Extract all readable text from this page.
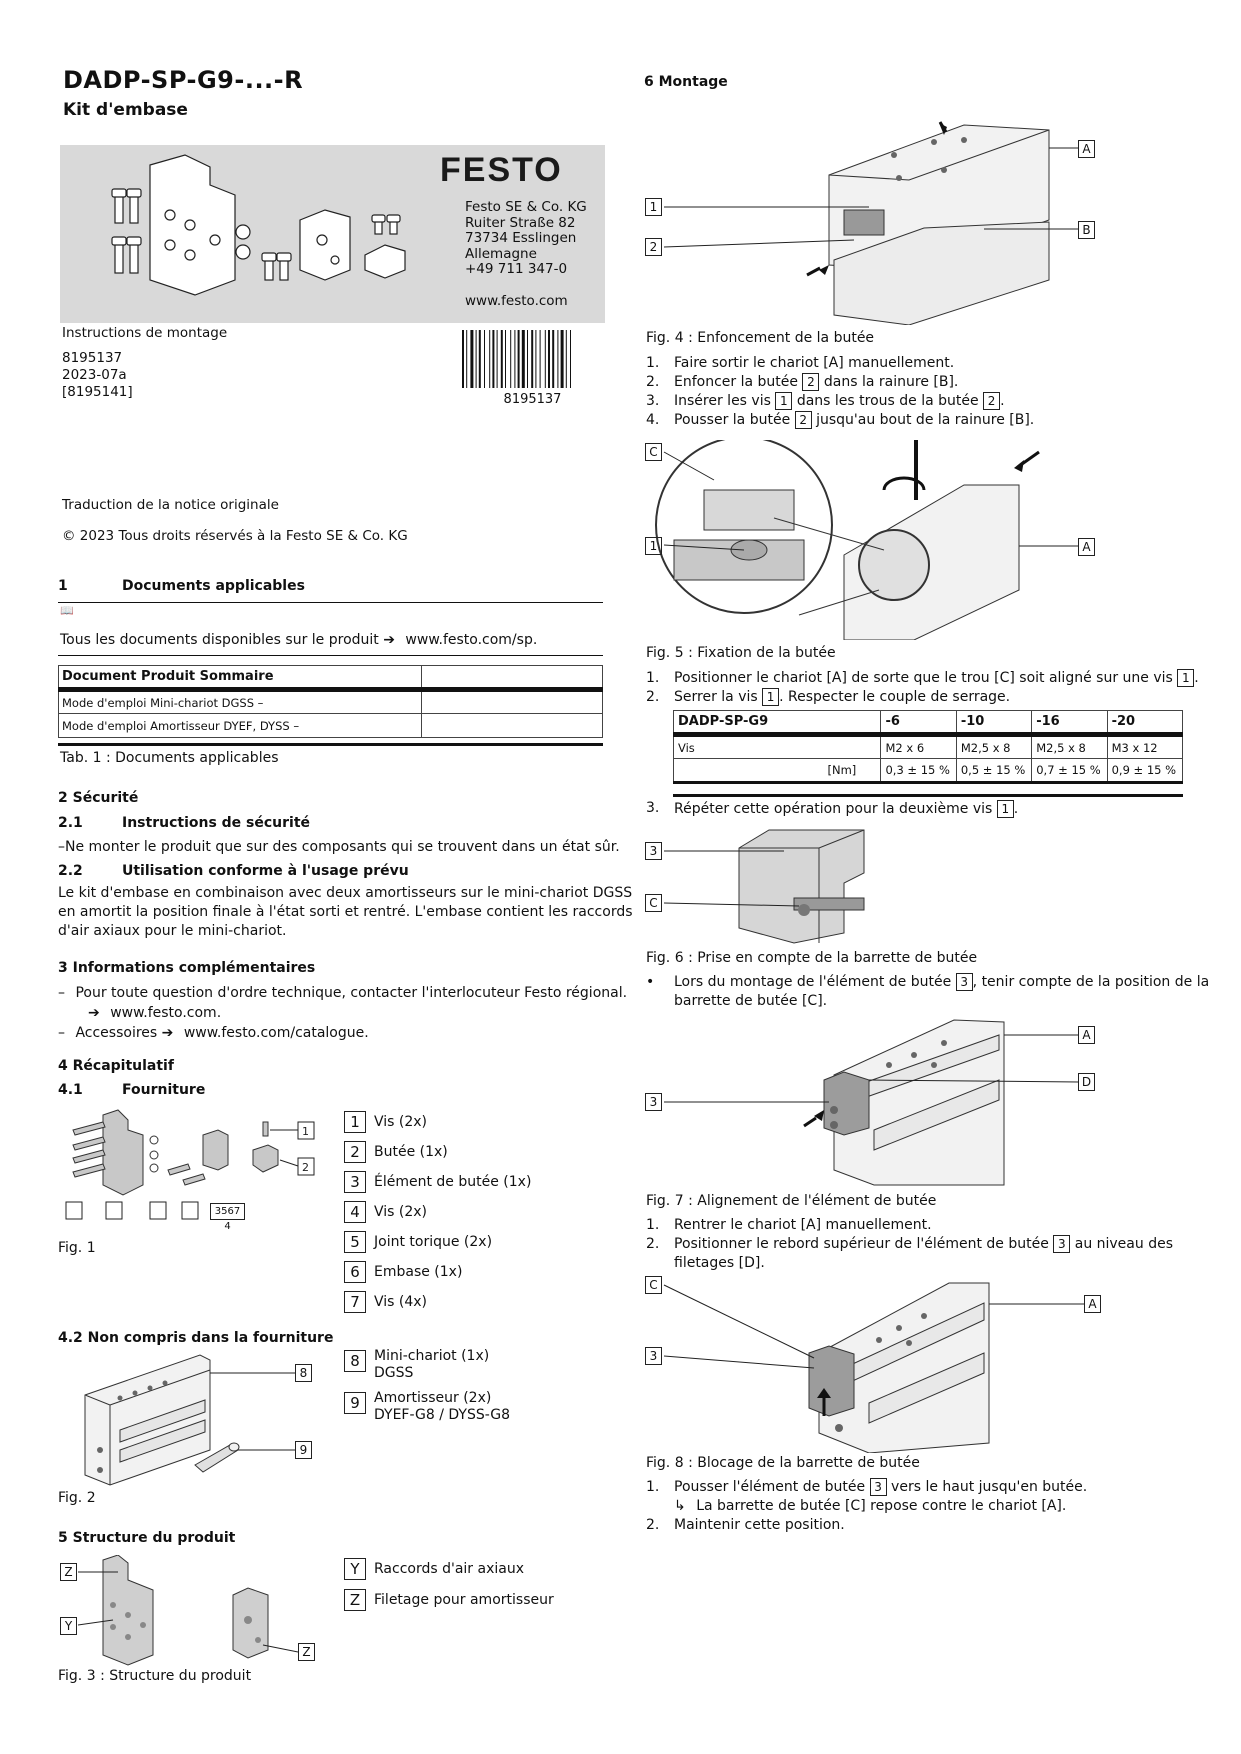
DADP-SP-G9-...-R
Kit d'embase
FESTO
Festo SE & Co. KG
Ruiter Straße 82
73734 Esslingen
Allemagne
+49 711 347-0
www.festo.com
Instructions de montage
8195137
2023-07a
[8195141]	8195137
Traduction de la notice originale
© 2023 Tous droits réservés à la Festo SE & Co. KG
1	Documents applicables
📖
Tous les documents disponibles sur le produit ➔ www.festo.com/sp.
Document Produit Sommaire	
Mode d'emploi Mini-chariot DGSS –	
Mode d'emploi Amortisseur DYEF, DYSS –	
Tab. 1 : Documents applicables
2 Sécurité
2.1	Instructions de sécurité
–Ne monter le produit que sur des composants qui se trouvent dans un état sûr.
2.2	Utilisation conforme à l'usage prévu
Le kit d'embase en combinaison avec deux amortisseurs sur le mini-chariot DGSS
en amortit la position finale à l'état sorti et rentré. L'embase contient les raccords
d'air axiaux pour le mini-chariot.
3 Informations complémentaires
– Pour toute question d'ordre technique, contacter l'interlocuteur Festo régional.
➔ www.festo.com.
– Accessoires ➔ www.festo.com/catalogue.
4 Récapitulatif
4.1	Fourniture
1
2
3567 4
Fig. 1
1	Vis (2x)
2	Butée (1x)
3	Élément de butée (1x)
4	Vis (2x)
5	Joint torique (2x)
6	Embase (1x)
7	Vis (4x)
4.2 Non compris dans la fourniture
8
9
Fig. 2
8	Mini-chariot (1x)
DGSS
9	Amortisseur (2x)
DYEF-G8 / DYSS-G8
5 Structure du produit
Z
Y
Z
Fig. 3 : Structure du produit
Y	Raccords d'air axiaux
Z Filetage pour amortisseur
6 Montage
1
2
A
B
Fig. 4 : Enfoncement de la butée
1.	Faire sortir le chariot [A] manuellement.
2.	Enfoncer la butée 2 dans la rainure [B].
3.	Insérer les vis 1 dans les trous de la butée 2 .
4.	Pousser la butée 2 jusqu'au bout de la rainure [B].
C
1	A
Fig. 5 : Fixation de la butée
1.	Positionner le chariot [A] de sorte que le trou [C] soit aligné sur une vis 1 .
2.	Serrer la vis 1 . Respecter le couple de serrage.
DADP-SP-G9		-6	-10	-16	-20
Vis		M2 x 6	M2,5 x 8	M2,5 x 8	M3 x 12
	[Nm]	0,3 ± 15 %	0,5 ± 15 %	0,7 ± 15 %	0,9 ± 15 %
3.	Répéter cette opération pour la deuxième vis 1 .
3
C
Fig. 6 : Prise en compte de la barrette de butée
•	Lors du montage de l'élément de butée 3 , tenir compte de la position de la
barrette de butée [C].
3
A
D
Fig. 7 : Alignement de l'élément de butée
1.	Rentrer le chariot [A] manuellement.
2.	Positionner le rebord supérieur de l'élément de butée 3 au niveau des
filetages [D].
C
3
A
Fig. 8 : Blocage de la barrette de butée
1.	Pousser l'élément de butée 3 vers le haut jusqu'en butée.
↳ La barrette de butée [C] repose contre le chariot [A].
2.	Maintenir cette position.
